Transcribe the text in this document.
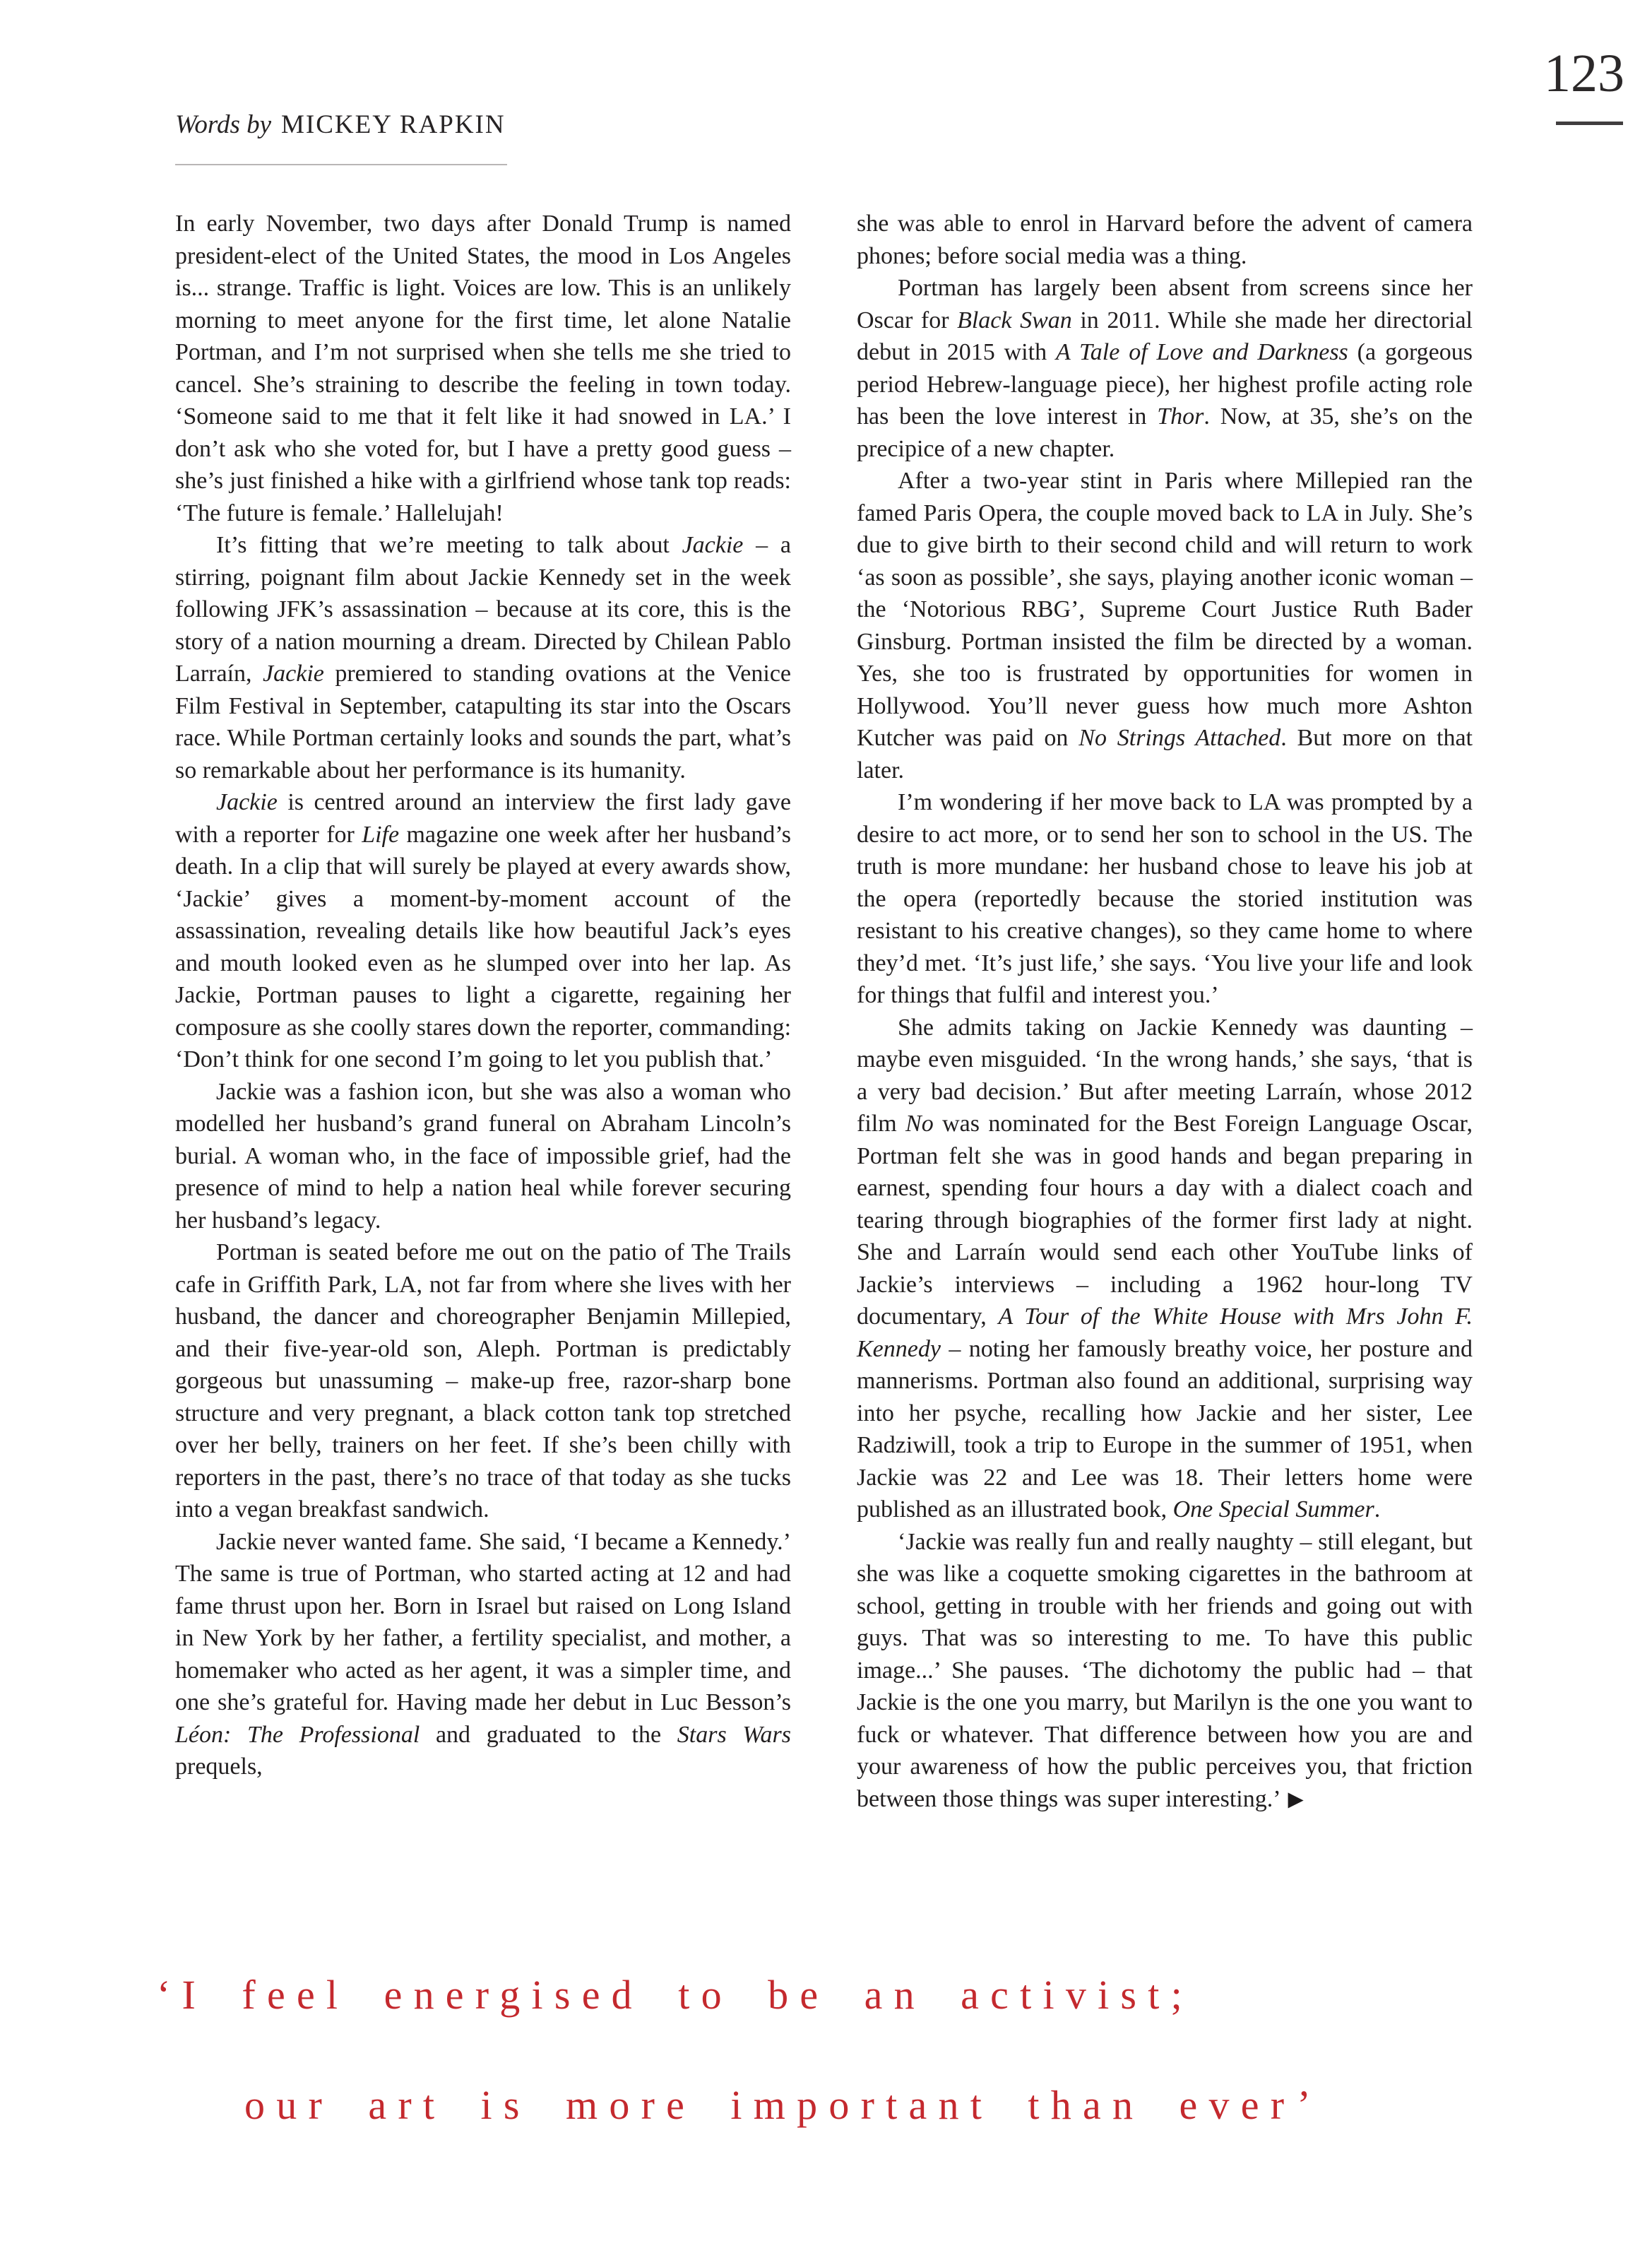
Words by MICKEY RAPKIN
123

In early November, two days after Donald Trump is named president-elect of the United States, the mood in Los Angeles is... strange. Traffic is light. Voices are low. This is an unlikely morning to meet anyone for the first time, let alone Natalie Portman, and I’m not surprised when she tells me she tried to cancel. She’s straining to describe the feeling in town today. ‘Someone said to me that it felt like it had snowed in LA.’ I don’t ask who she voted for, but I have a pretty good guess – she’s just finished a hike with a girlfriend whose tank top reads: ‘The future is female.’ Hallelujah!

It’s fitting that we’re meeting to talk about Jackie – a stirring, poignant film about Jackie Kennedy set in the week following JFK’s assassination – because at its core, this is the story of a nation mourning a dream. Directed by Chilean Pablo Larraín, Jackie premiered to standing ovations at the Venice Film Festival in September, catapulting its star into the Oscars race. While Portman certainly looks and sounds the part, what’s so remarkable about her performance is its humanity.

Jackie is centred around an interview the first lady gave with a reporter for Life magazine one week after her husband’s death. In a clip that will surely be played at every awards show, ‘Jackie’ gives a moment-by-moment account of the assassination, revealing details like how beautiful Jack’s eyes and mouth looked even as he slumped over into her lap. As Jackie, Portman pauses to light a cigarette, regaining her composure as she coolly stares down the reporter, commanding: ‘Don’t think for one second I’m going to let you publish that.’

Jackie was a fashion icon, but she was also a woman who modelled her husband’s grand funeral on Abraham Lincoln’s burial. A woman who, in the face of impossible grief, had the presence of mind to help a nation heal while forever securing her husband’s legacy.

Portman is seated before me out on the patio of The Trails cafe in Griffith Park, LA, not far from where she lives with her husband, the dancer and choreographer Benjamin Millepied, and their five-year-old son, Aleph. Portman is predictably gorgeous but unassuming – make-up free, razor-sharp bone structure and very pregnant, a black cotton tank top stretched over her belly, trainers on her feet. If she’s been chilly with reporters in the past, there’s no trace of that today as she tucks into a vegan breakfast sandwich.

Jackie never wanted fame. She said, ‘I became a Kennedy.’ The same is true of Portman, who started acting at 12 and had fame thrust upon her. Born in Israel but raised on Long Island in New York by her father, a fertility specialist, and mother, a homemaker who acted as her agent, it was a simpler time, and one she’s grateful for. Having made her debut in Luc Besson’s Léon: The Professional and graduated to the Stars Wars prequels,

she was able to enrol in Harvard before the advent of camera phones; before social media was a thing.

Portman has largely been absent from screens since her Oscar for Black Swan in 2011. While she made her directorial debut in 2015 with A Tale of Love and Darkness (a gorgeous period Hebrew-language piece), her highest profile acting role has been the love interest in Thor. Now, at 35, she’s on the precipice of a new chapter.

After a two-year stint in Paris where Millepied ran the famed Paris Opera, the couple moved back to LA in July. She’s due to give birth to their second child and will return to work ‘as soon as possible’, she says, playing another iconic woman – the ‘Notorious RBG’, Supreme Court Justice Ruth Bader Ginsburg. Portman insisted the film be directed by a woman. Yes, she too is frustrated by opportunities for women in Hollywood. You’ll never guess how much more Ashton Kutcher was paid on No Strings Attached. But more on that later.

I’m wondering if her move back to LA was prompted by a desire to act more, or to send her son to school in the US. The truth is more mundane: her husband chose to leave his job at the opera (reportedly because the storied institution was resistant to his creative changes), so they came home to where they’d met. ‘It’s just life,’ she says. ‘You live your life and look for things that fulfil and interest you.’

She admits taking on Jackie Kennedy was daunting – maybe even misguided. ‘In the wrong hands,’ she says, ‘that is a very bad decision.’ But after meeting Larraín, whose 2012 film No was nominated for the Best Foreign Language Oscar, Portman felt she was in good hands and began preparing in earnest, spending four hours a day with a dialect coach and tearing through biographies of the former first lady at night. She and Larraín would send each other YouTube links of Jackie’s interviews – including a 1962 hour-long TV documentary, A Tour of the White House with Mrs John F. Kennedy – noting her famously breathy voice, her posture and mannerisms. Portman also found an additional, surprising way into her psyche, recalling how Jackie and her sister, Lee Radziwill, took a trip to Europe in the summer of 1951, when Jackie was 22 and Lee was 18. Their letters home were published as an illustrated book, One Special Summer.

‘Jackie was really fun and really naughty – still elegant, but she was like a coquette smoking cigarettes in the bathroom at school, getting in trouble with her friends and going out with guys. That was so interesting to me. To have this public image...’ She pauses. ‘The dichotomy the public had – that Jackie is the one you marry, but Marilyn is the one you want to fuck or whatever. That difference between how you are and your awareness of how the public perceives you, that friction between those things was super interesting.’ ▶

‘I feel energised to be an activist;
our art is more important than ever’
